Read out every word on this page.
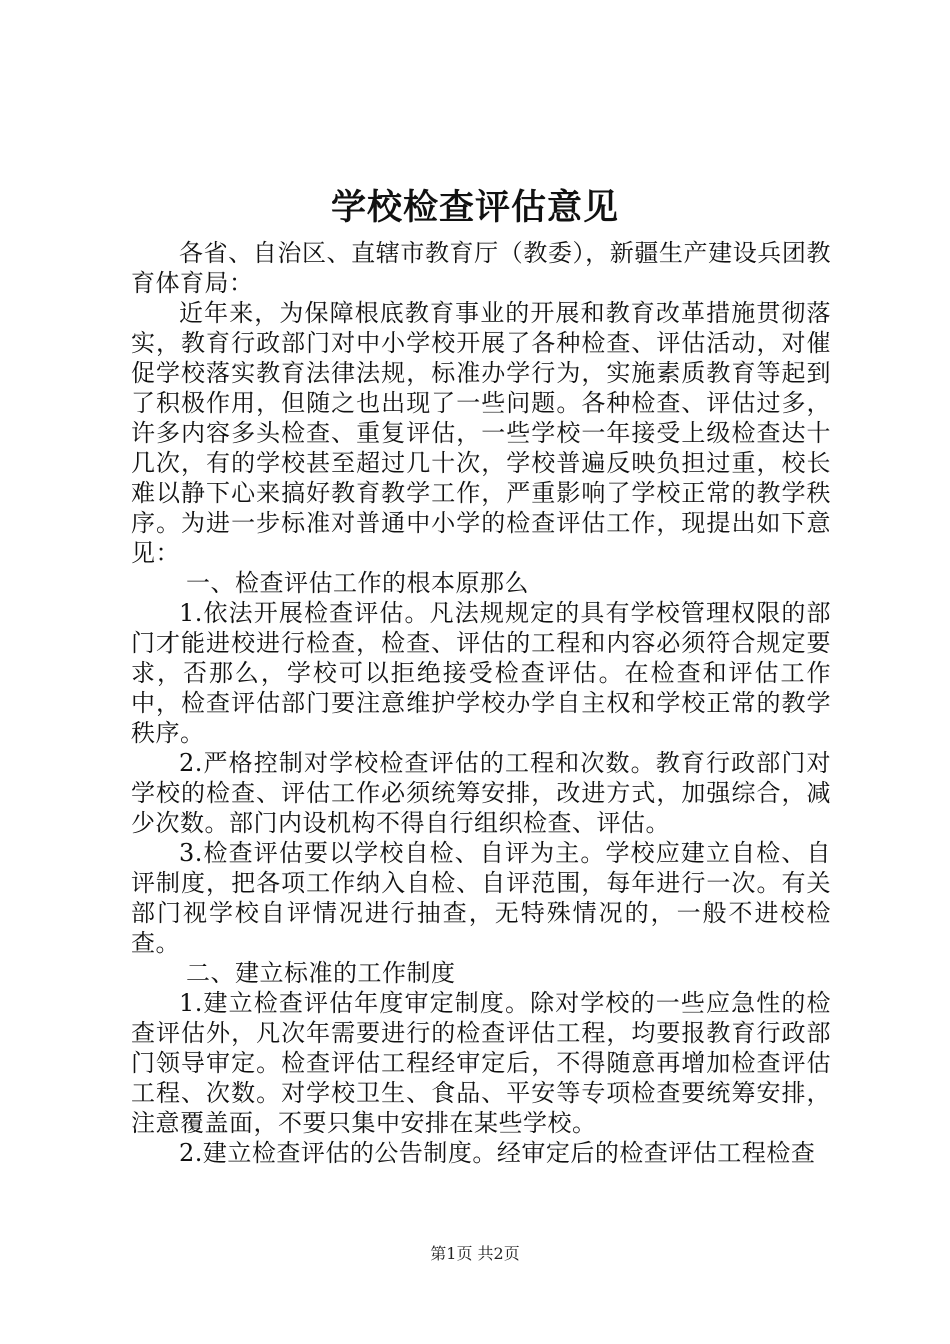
学校检查评估意见

各省、自治区、直辖市教育厅（教委），新疆生产建设兵团教育体育局：

近年来，为保障根底教育事业的开展和教育改革措施贯彻落实，教育行政部门对中小学校开展了各种检查、评估活动，对催促学校落实教育法律法规，标准办学行为，实施素质教育等起到了积极作用，但随之也出现了一些问题。各种检查、评估过多，许多内容多头检查、重复评估，一些学校一年接受上级检查达十几次，有的学校甚至超过几十次，学校普遍反映负担过重，校长难以静下心来搞好教育教学工作，严重影响了学校正常的教学秩序。为进一步标准对普通中小学的检查评估工作，现提出如下意见：

一、检查评估工作的根本原那么

1.依法开展检查评估。凡法规规定的具有学校管理权限的部门才能进校进行检查，检查、评估的工程和内容必须符合规定要求，否那么，学校可以拒绝接受检查评估。在检查和评估工作中，检查评估部门要注意维护学校办学自主权和学校正常的教学秩序。

2.严格控制对学校检查评估的工程和次数。教育行政部门对学校的检查、评估工作必须统筹安排，改进方式，加强综合，减少次数。部门内设机构不得自行组织检查、评估。

3.检查评估要以学校自检、自评为主。学校应建立自检、自评制度，把各项工作纳入自检、自评范围，每年进行一次。有关部门视学校自评情况进行抽查，无特殊情况的，一般不进校检查。

二、建立标准的工作制度

1.建立检查评估年度审定制度。除对学校的一些应急性的检查评估外，凡次年需要进行的检查评估工程，均要报教育行政部门领导审定。检查评估工程经审定后，不得随意再增加检查评估工程、次数。对学校卫生、食品、平安等专项检查要统筹安排，注意覆盖面，不要只集中安排在某些学校。

2.建立检查评估的公告制度。经审定后的检查评估工程检查

第1页 共2页
